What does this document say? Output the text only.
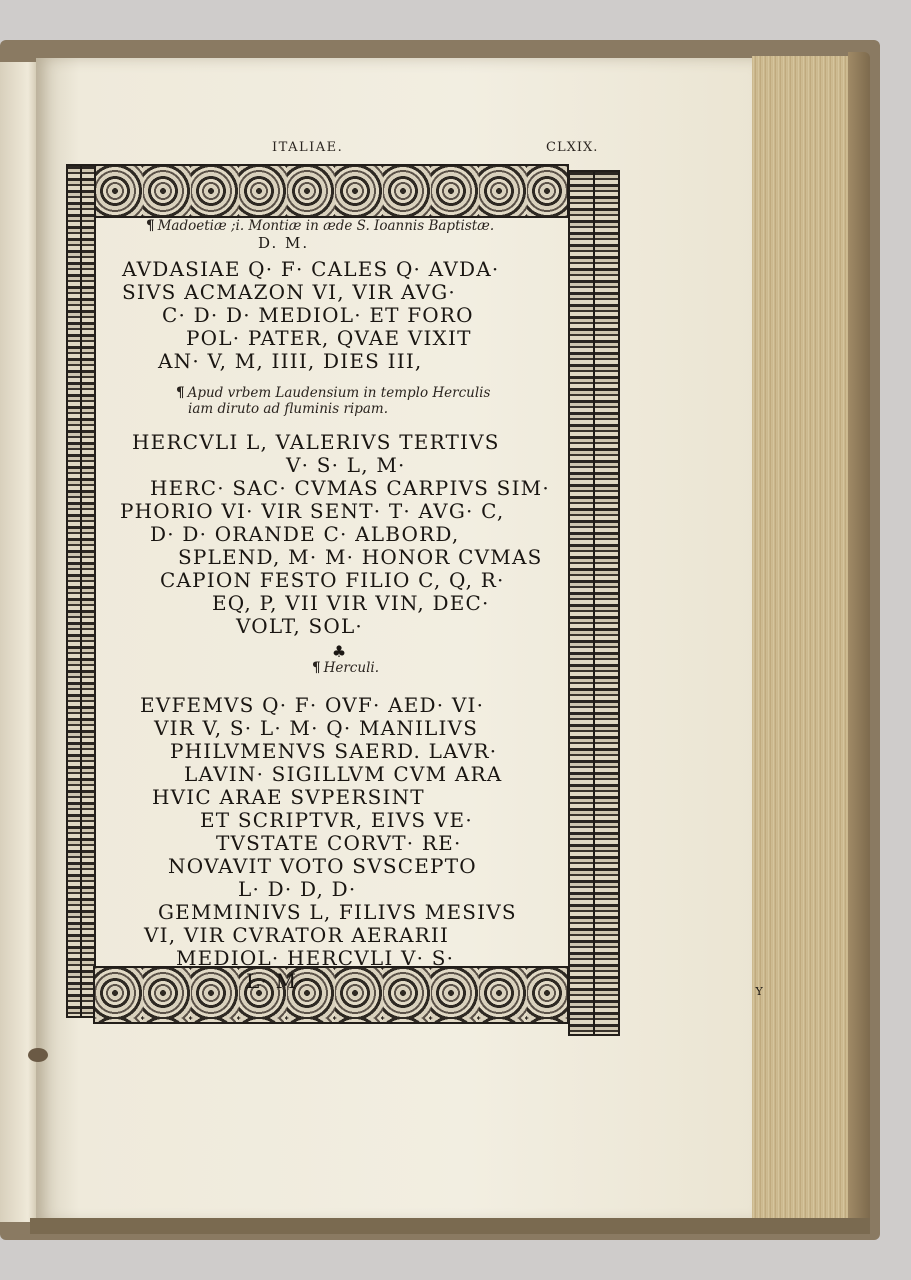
ITALIAE.	CLXIX.

¶ Madoetiæ ;i. Montiæ in æde S. Ioannis Baptistæ.

D. M.

AVDASIAE Q· F· CALES Q· AVDA·

SIVS ACMAZON VI, VIR AVG·

C· D· D· MEDIOL· ET FORO

POL· PATER, QVAE VIXIT

AN· V, M, IIII, DIES III,

¶ Apud vrbem Laudensium in templo Herculis

iam diruto ad fluminis ripam.

HERCVLI L, VALERIVS TERTIVS

V· S· L, M·

HERC· SAC· CVMAS CARPIVS SIM·

PHORIO VI· VIR SENT· T· AVG· C,

D· D· ORANDE C· ALBORD,

SPLEND, M· M· HONOR CVMAS

CAPION FESTO FILIO C, Q, R·

EQ, P, VII VIR VIN, DEC·

VOLT, SOL·

♣

¶ Herculi.

EVFEMVS Q· F· OVF· AED· VI·

VIR V, S· L· M· Q· MANILIVS

PHILVMENVS SAERD. LAVR·

LAVIN· SIGILLVM CVM ARA

HVIC ARAE SVPERSINT

ET SCRIPTVR, EIVS VE·

TVSTATE CORVT· RE·

NOVAVIT VOTO SVSCEPTO

L· D· D, D·

GEMMINIVS L, FILIVS MESIVS

VI, VIR CVRATOR AERARII

MEDIOL· HERCVLI V· S·

L· M·	Y
